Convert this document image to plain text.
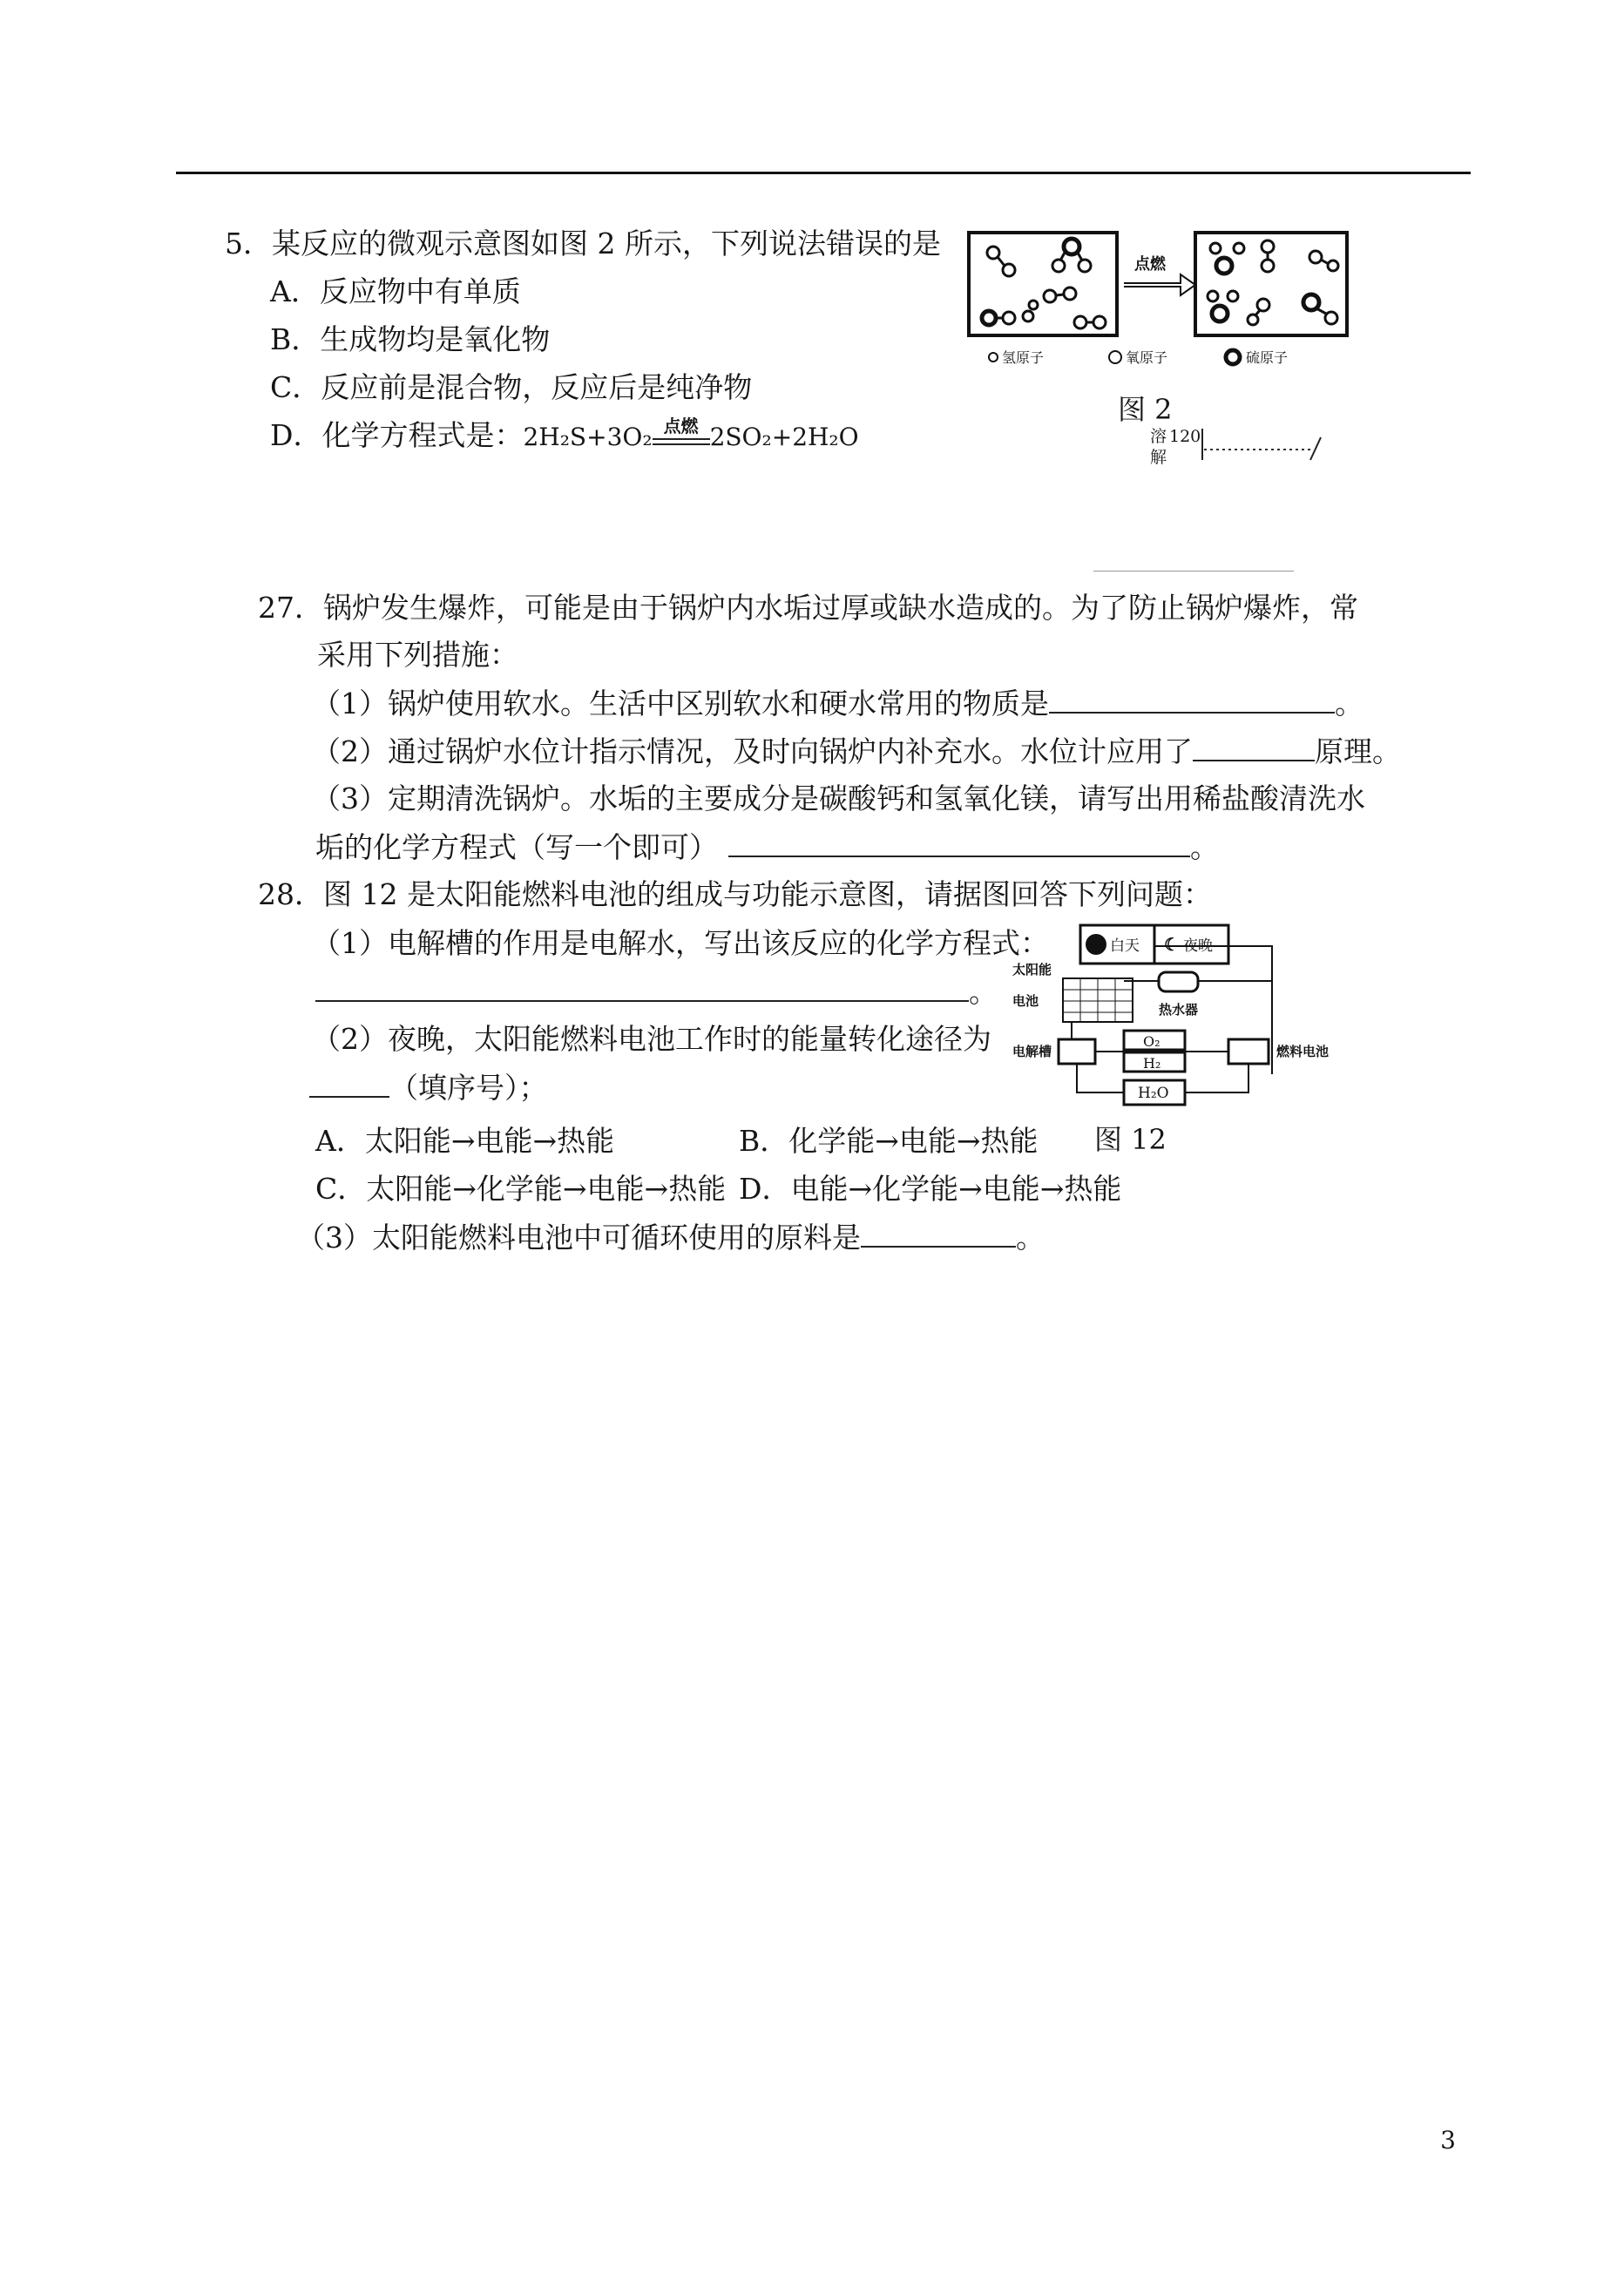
5．某反应的微观示意图如图 2 所示，下列说法错误的是
A．反应物中有单质
B．生成物均是氧化物
C．反应前是混合物，反应后是纯净物
D．化学方程式是：2H₂S+3O₂ 点燃 2SO₂+2H₂O
点燃
氢原子	氧原子	硫原子
图 2
溶
解
120
27．锅炉发生爆炸，可能是由于锅炉内水垢过厚或缺水造成的。为了防止锅炉爆炸，常
采用下列措施：
（1）锅炉使用软水。生活中区别软水和硬水常用的物质是	。
（2）通过锅炉水位计指示情况，及时向锅炉内补充水。水位计应用了	原理。
（3）定期清洗锅炉。水垢的主要成分是碳酸钙和氢氧化镁，请写出用稀盐酸清洗水
垢的化学方程式（写一个即可）	。
28．图 12 是太阳能燃料电池的组成与功能示意图，请据图回答下列问题：
（1）电解槽的作用是电解水，写出该反应的化学方程式：
。
（2）夜晚，太阳能燃料电池工作时的能量转化途径为
（填序号）；
A．太阳能→电能→热能	B．化学能→电能→热能
C．太阳能→化学能→电能→热能 D．电能→化学能→电能→热能
（3）太阳能燃料电池中可循环使用的原料是	。
白天 ☾ 夜晚
太阳能
电池
热水器
电解槽	燃料电池
O₂
H₂
H₂O
图 12
3
